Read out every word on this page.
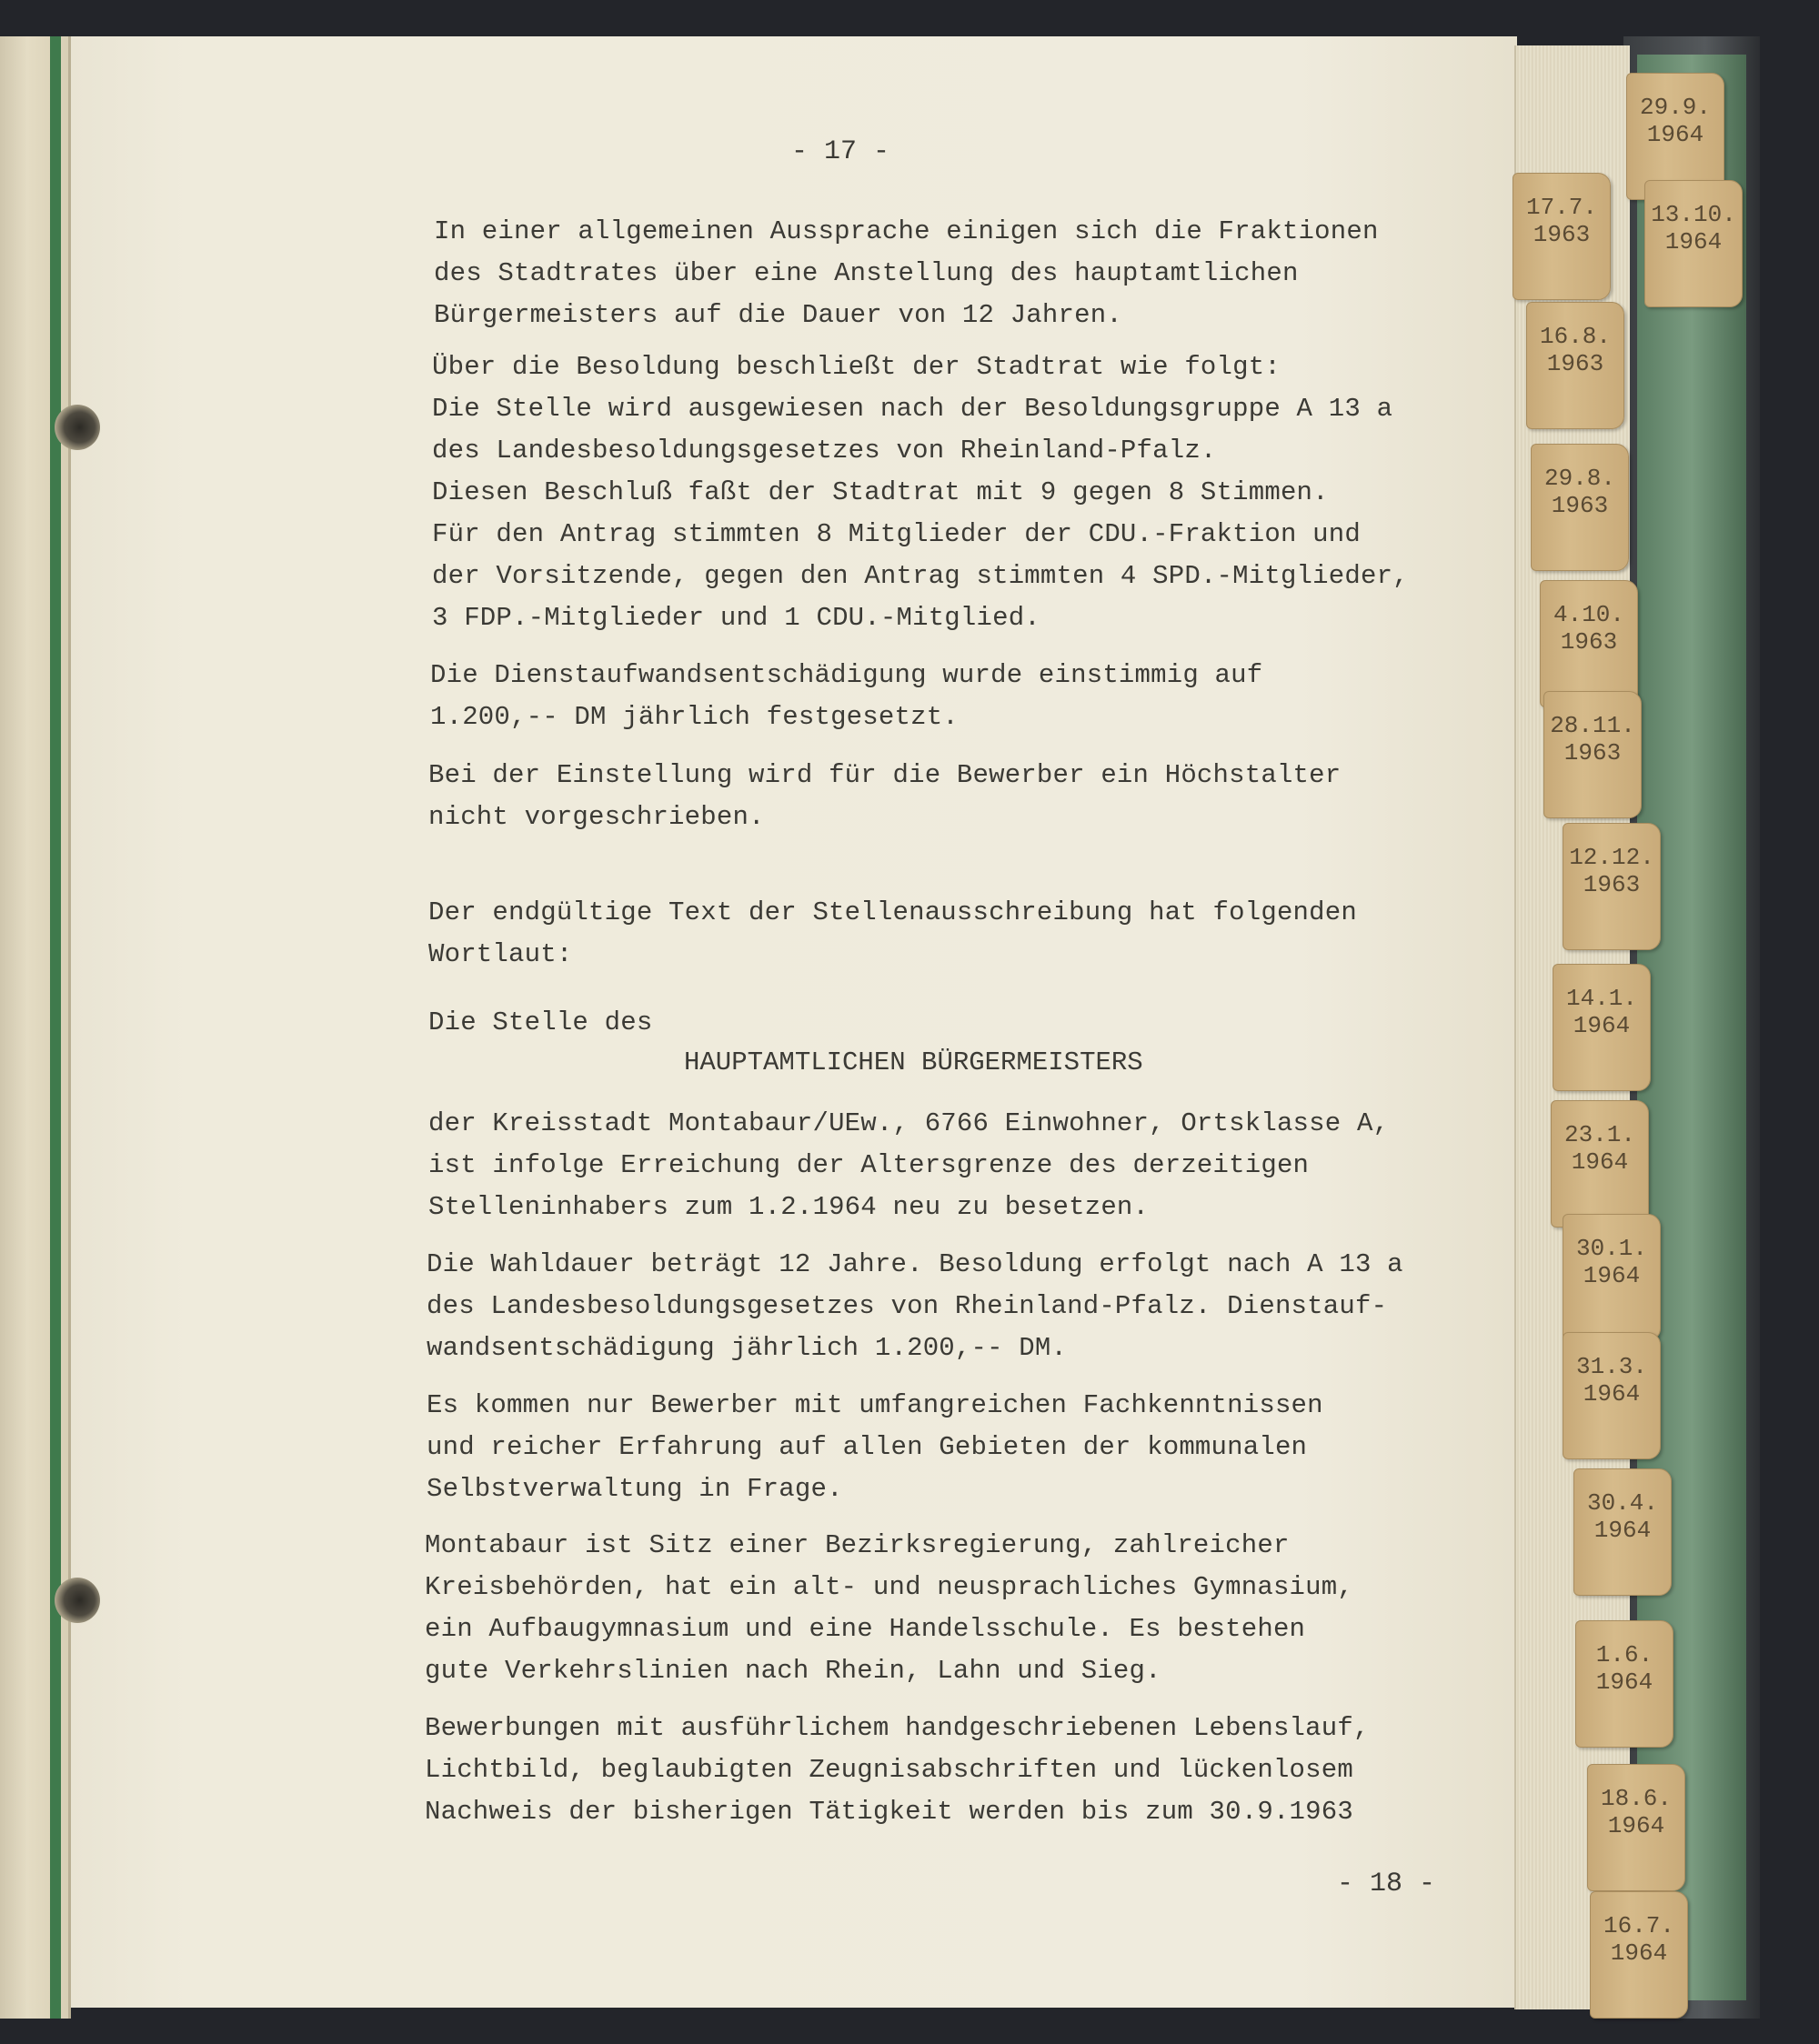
- 17 -
In einer allgemeinen Aussprache einigen sich die Fraktionen
des Stadtrates über eine Anstellung des hauptamtlichen
Bürgermeisters auf die Dauer von 12 Jahren.
Über die Besoldung beschließt der Stadtrat wie folgt:
Die Stelle wird ausgewiesen nach der Besoldungsgruppe A 13 a
des Landesbesoldungsgesetzes von Rheinland-Pfalz.
Diesen Beschluß faßt der Stadtrat mit 9 gegen 8 Stimmen.
Für den Antrag stimmten 8 Mitglieder der CDU.-Fraktion und
der Vorsitzende, gegen den Antrag stimmten 4 SPD.-Mitglieder,
3 FDP.-Mitglieder und 1 CDU.-Mitglied.
Die Dienstaufwandsentschädigung wurde einstimmig auf
1.200,-- DM jährlich festgesetzt.
Bei der Einstellung wird für die Bewerber ein Höchstalter
nicht vorgeschrieben.
Der endgültige Text der Stellenausschreibung hat folgenden
Wortlaut:
Die Stelle des
HAUPTAMTLICHEN BÜRGERMEISTERS
der Kreisstadt Montabaur/UEw., 6766 Einwohner, Ortsklasse A,
ist infolge Erreichung der Altersgrenze des derzeitigen
Stelleninhabers zum 1.2.1964 neu zu besetzen.
Die Wahldauer beträgt 12 Jahre. Besoldung erfolgt nach A 13 a
des Landesbesoldungsgesetzes von Rheinland-Pfalz. Dienstauf-
wandsentschädigung jährlich 1.200,-- DM.
Es kommen nur Bewerber mit umfangreichen Fachkenntnissen
und reicher Erfahrung auf allen Gebieten der kommunalen
Selbstverwaltung in Frage.
Montabaur ist Sitz einer Bezirksregierung, zahlreicher
Kreisbehörden, hat ein alt- und neusprachliches Gymnasium,
ein Aufbaugymnasium und eine Handelsschule. Es bestehen
gute Verkehrslinien nach Rhein, Lahn und Sieg.
Bewerbungen mit ausführlichem handgeschriebenen Lebenslauf,
Lichtbild, beglaubigten Zeugnisabschriften und lückenlosem
Nachweis der bisherigen Tätigkeit werden bis zum 30.9.1963
- 18 -
29.9.
1964
13.10.
1964
17.7.
1963
16.8.
1963
29.8.
1963
4.10.
1963
28.11.
1963
12.12.
1963
14.1.
1964
23.1.
1964
30.1.
1964
31.3.
1964
30.4.
1964
1.6.
1964
18.6.
1964
16.7.
1964
